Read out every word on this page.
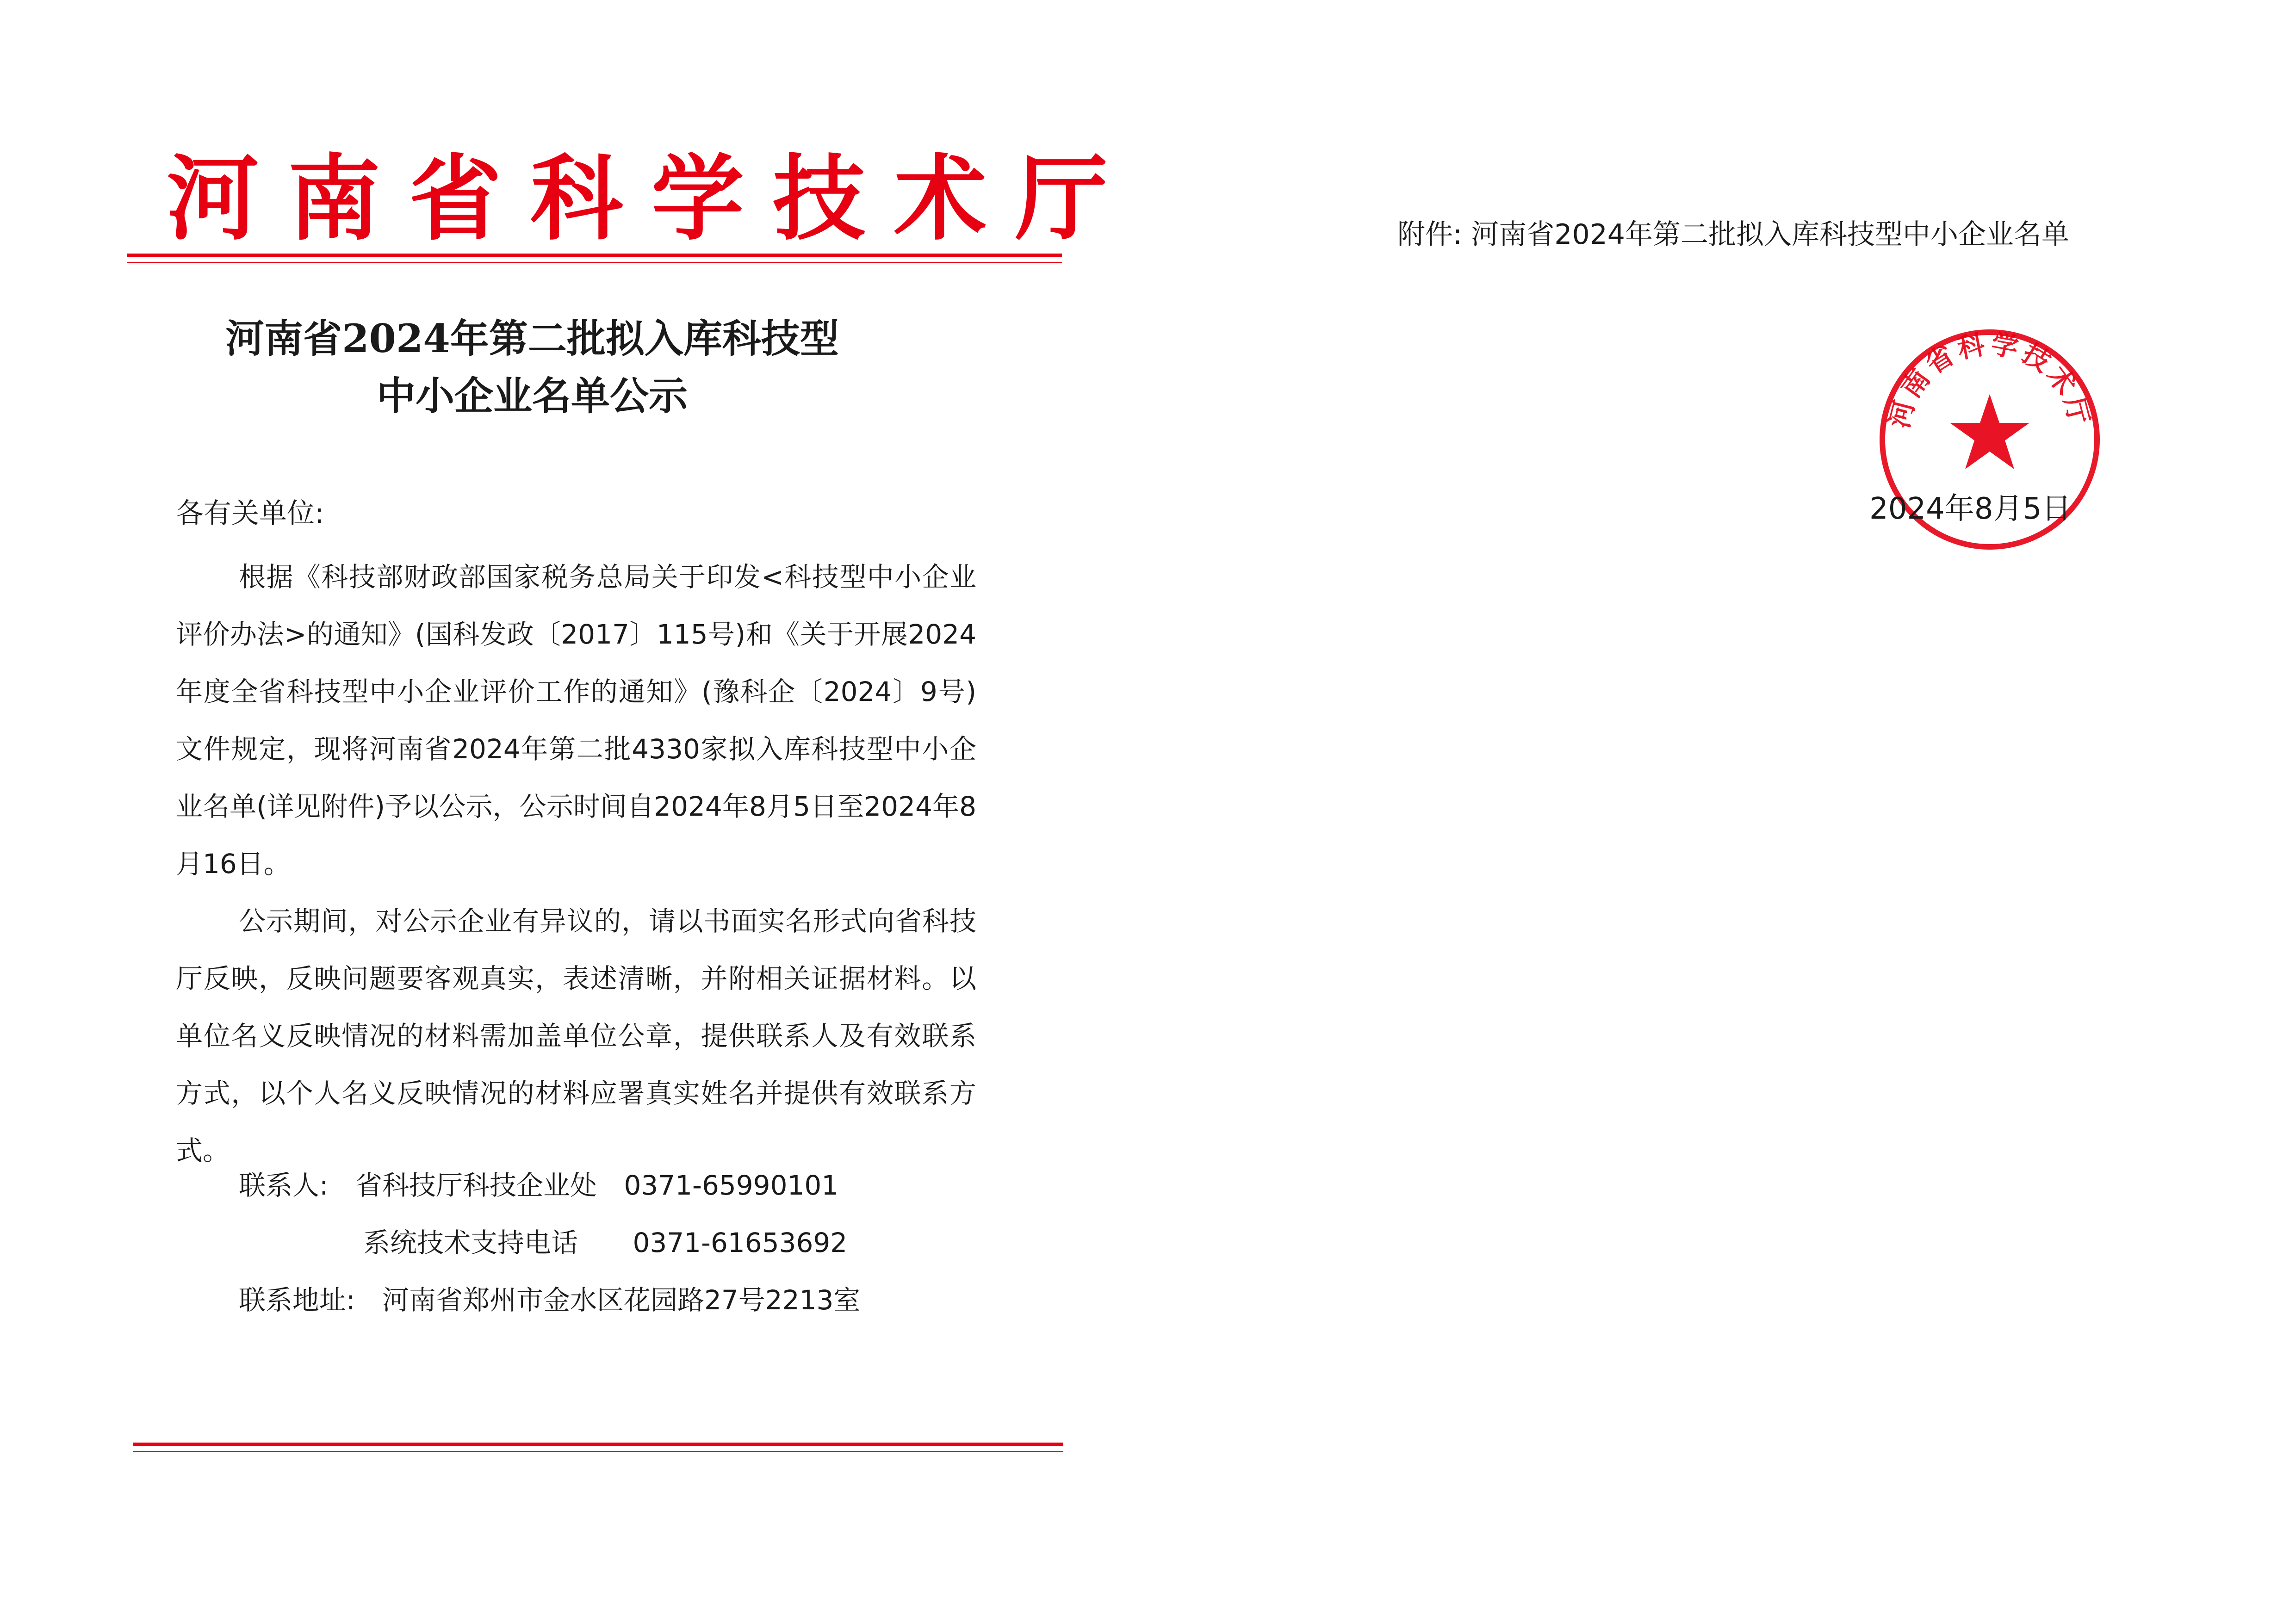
河南省科学技术厅
河南省2024年第二批拟入库科技型
中小企业名单公示
各有关单位:

根据《科技部财政部国家税务总局关于印发<科技型中小企业评价办法>的通知》(国科发政〔2017〕115号)和《关于开展2024年度全省科技型中小企业评价工作的通知》(豫科企〔2024〕9号)文件规定，现将河南省2024年第二批4330家拟入库科技型中小企业名单(详见附件)予以公示，公示时间自2024年8月5日至2024年8月16日。

公示期间，对公示企业有异议的，请以书面实名形式向省科技厅反映，反映问题要客观真实，表述清晰，并附相关证据材料。以单位名义反映情况的材料需加盖单位公章，提供联系人及有效联系方式，以个人名义反映情况的材料应署真实姓名并提供有效联系方式。

联系人: 省科技厅科技企业处 0371-65990101
系统技术支持电话 0371-61653692
联系地址: 河南省郑州市金水区花园路27号2213室
附件: 河南省2024年第二批拟入库科技型中小企业名单
河南省科学技术厅
2024年8月5日
